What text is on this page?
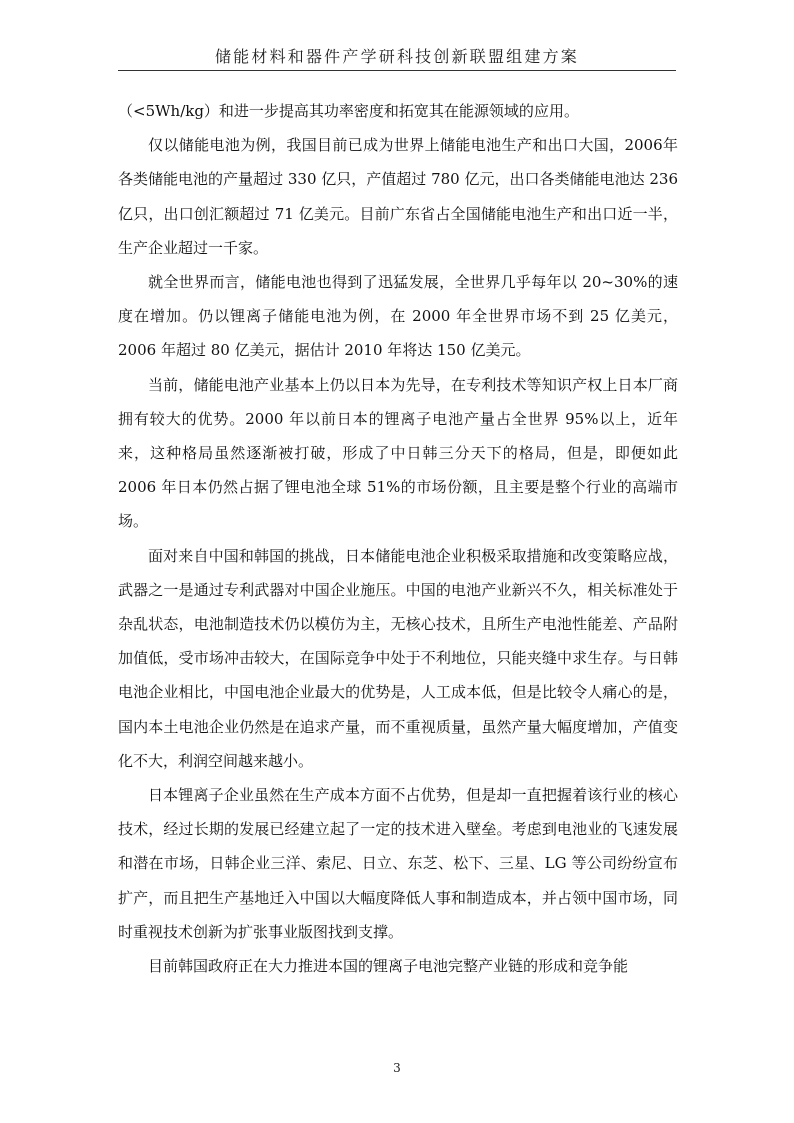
储能材料和器件产学研科技创新联盟组建方案

（<5Wh/kg）和进一步提高其功率密度和拓宽其在能源领域的应用。

仅以储能电池为例，我国目前已成为世界上储能电池生产和出口大国，2006年各类储能电池的产量超过 330 亿只，产值超过 780 亿元，出口各类储能电池达 236 亿只，出口创汇额超过 71 亿美元。目前广东省占全国储能电池生产和出口近一半，生产企业超过一千家。

就全世界而言，储能电池也得到了迅猛发展，全世界几乎每年以 20~30%的速度在增加。仍以锂离子储能电池为例，在 2000 年全世界市场不到 25 亿美元，2006 年超过 80 亿美元，据估计 2010 年将达 150 亿美元。

当前，储能电池产业基本上仍以日本为先导，在专利技术等知识产权上日本厂商拥有较大的优势。2000 年以前日本的锂离子电池产量占全世界 95%以上，近年来，这种格局虽然逐渐被打破，形成了中日韩三分天下的格局，但是，即便如此 2006 年日本仍然占据了锂电池全球 51%的市场份额，且主要是整个行业的高端市场。

面对来自中国和韩国的挑战，日本储能电池企业积极采取措施和改变策略应战，武器之一是通过专利武器对中国企业施压。中国的电池产业新兴不久，相关标准处于杂乱状态，电池制造技术仍以模仿为主，无核心技术，且所生产电池性能差、产品附加值低，受市场冲击较大，在国际竞争中处于不利地位，只能夹缝中求生存。与日韩电池企业相比，中国电池企业最大的优势是，人工成本低，但是比较令人痛心的是，国内本土电池企业仍然是在追求产量，而不重视质量，虽然产量大幅度增加，产值变化不大，利润空间越来越小。

日本锂离子企业虽然在生产成本方面不占优势，但是却一直把握着该行业的核心技术，经过长期的发展已经建立起了一定的技术进入壁垒。考虑到电池业的飞速发展和潜在市场，日韩企业三洋、索尼、日立、东芝、松下、三星、LG 等公司纷纷宣布扩产，而且把生产基地迁入中国以大幅度降低人事和制造成本，并占领中国市场，同时重视技术创新为扩张事业版图找到支撑。

目前韩国政府正在大力推进本国的锂离子电池完整产业链的形成和竞争能

3
